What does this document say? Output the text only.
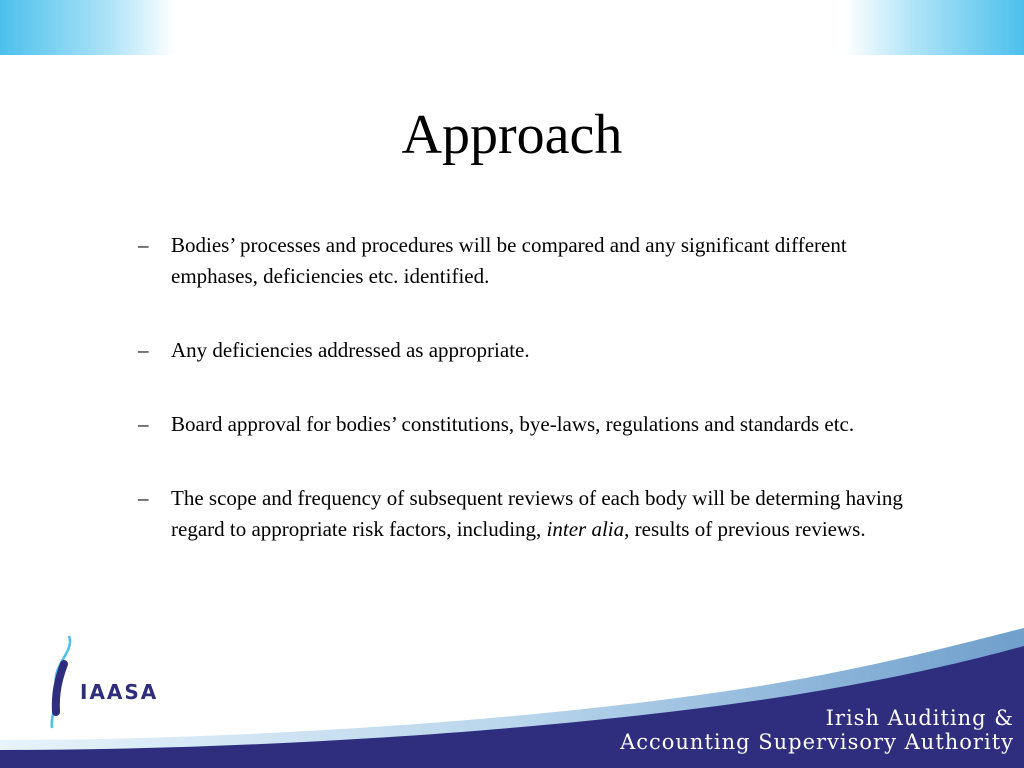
Approach
– Bodies’ processes and procedures will be compared and any significant different emphases, deficiencies etc. identified.
– Any deficiencies addressed as appropriate.
– Board approval for bodies’ constitutions, bye-laws, regulations and standards etc.
– The scope and frequency of subsequent reviews of each body will be determing having regard to appropriate risk factors, including, inter alia, results of previous reviews.
IAASA
Irish Auditing &
Accounting Supervisory Authority
